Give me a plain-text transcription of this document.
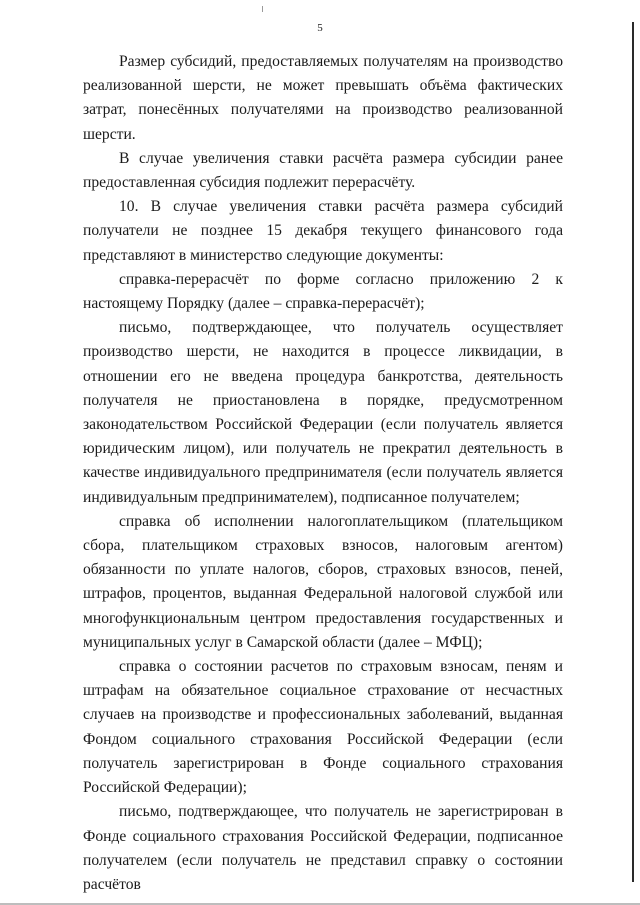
5

Размер субсидий, предоставляемых получателям на производство реализованной шерсти, не может превышать объёма фактических затрат, понесённых получателями на производство реализованной шерсти.

В случае увеличения ставки расчёта размера субсидии ранее предоставленная субсидия подлежит перерасчёту.

10. В случае увеличения ставки расчёта размера субсидий получатели не позднее 15 декабря текущего финансового года представляют в министерство следующие документы:

справка-перерасчёт по форме согласно приложению 2 к настоящему Порядку (далее – справка-перерасчёт);

письмо, подтверждающее, что получатель осуществляет производство шерсти, не находится в процессе ликвидации, в отношении его не введена процедура банкротства, деятельность получателя не приостановлена в порядке, предусмотренном законодательством Российской Федерации (если получатель является юридическим лицом), или получатель не прекратил деятельность в качестве индивидуального предпринимателя (если получатель является индивидуальным предпринимателем), подписанное получателем;

справка об исполнении налогоплательщиком (плательщиком сбора, плательщиком страховых взносов, налоговым агентом) обязанности по уплате налогов, сборов, страховых взносов, пеней, штрафов, процентов, выданная Федеральной налоговой службой или многофункциональным центром предоставления государственных и муниципальных услуг в Самарской области (далее – МФЦ);

справка о состоянии расчетов по страховым взносам, пеням и штрафам на обязательное социальное страхование от несчастных случаев на производстве и профессиональных заболеваний, выданная Фондом социального страхования Российской Федерации (если получатель зарегистрирован в Фонде социального страхования Российской Федерации);

письмо, подтверждающее, что получатель не зарегистрирован в Фонде социального страхования Российской Федерации, подписанное получателем (если получатель не представил справку о состоянии расчётов
